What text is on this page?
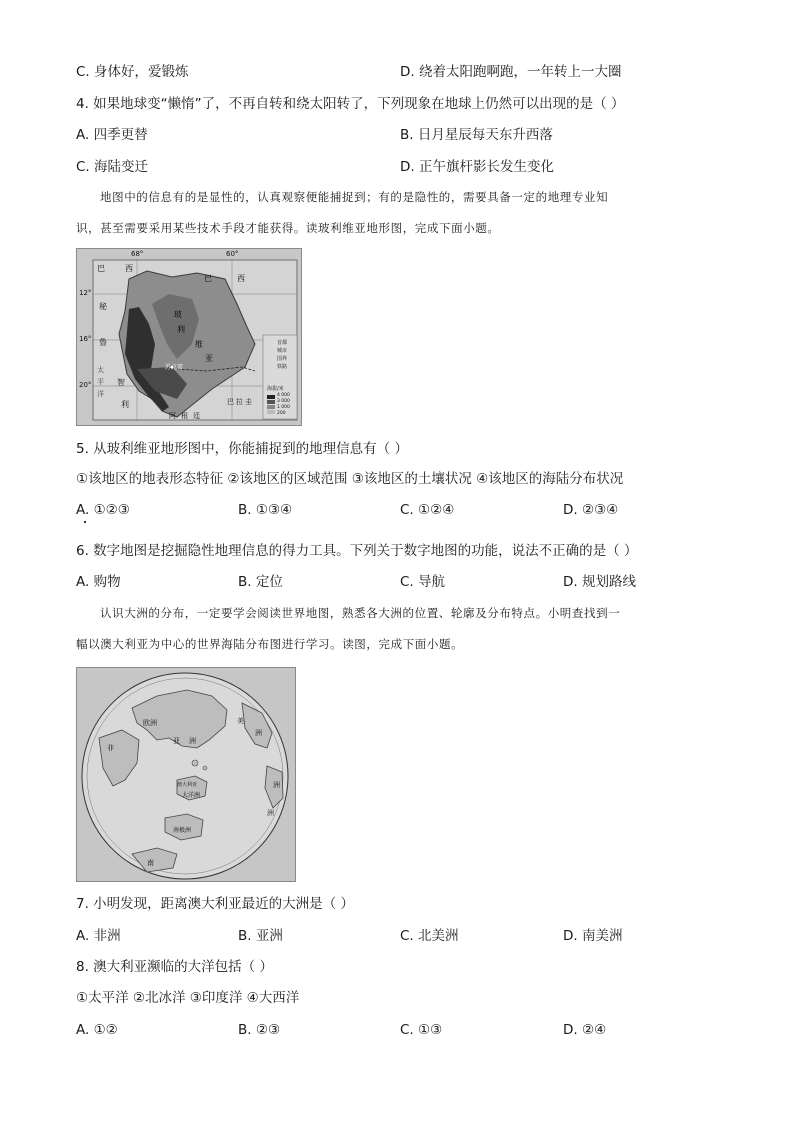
C. 身体好，爱锻炼	D. 绕着太阳跑啊跑，一年转上一大圈
4. 如果地球变“懒惰”了，不再自转和绕太阳转了，下列现象在地球上仍然可以出现的是（ ）
A. 四季更替	B. 日月星辰每天东升西落
C. 海陆变迁	D. 正午旗杆影长发生变化
地图中的信息有的是显性的，认真观察便能捕捉到；有的是隐性的，需要具备一定的地理专业知
识，甚至需要采用某些技术手段才能获得。读玻利维亚地形图，完成下面小题。
68°	60°
12°
16°
20°
巴	西
巴	西
秘
鲁
玻
利
维
亚
苏克雷
太
平
洋
智
利	巴 拉 圭
阿 根 廷
首都
城市
国界
铁路
海拔/米
4 000
3 000
1 000
200
5. 从玻利维亚地形图中，你能捕捉到的地理信息有（ ）
①该地区的地表形态特征 ②该地区的区域范围 ③该地区的土壤状况 ④该地区的海陆分布状况
A. ①②③	B. ①③④	C. ①②④	D. ②③④
6. 数字地图是挖掘隐性地理信息的得力工具。下列关于数字地图的功能，说法不正确的是（ ）
A. 购物	B. 定位	C. 导航	D. 规划路线
认识大洲的分布，一定要学会阅读世界地图，熟悉各大洲的位置、轮廓及分布特点。小明查找到一
幅以澳大利亚为中心的世界海陆分布图进行学习。读图，完成下面小题。
欧洲
非
亚 洲
美
洲
澳大利亚
大洋洲
南极洲
洲
洲
南
7. 小明发现，距离澳大利亚最近的大洲是（ ）
A. 非洲	B. 亚洲	C. 北美洲	D. 南美洲
8. 澳大利亚濒临的大洋包括（ ）
①太平洋 ②北冰洋 ③印度洋 ④大西洋
A. ①②	B. ②③	C. ①③	D. ②④
